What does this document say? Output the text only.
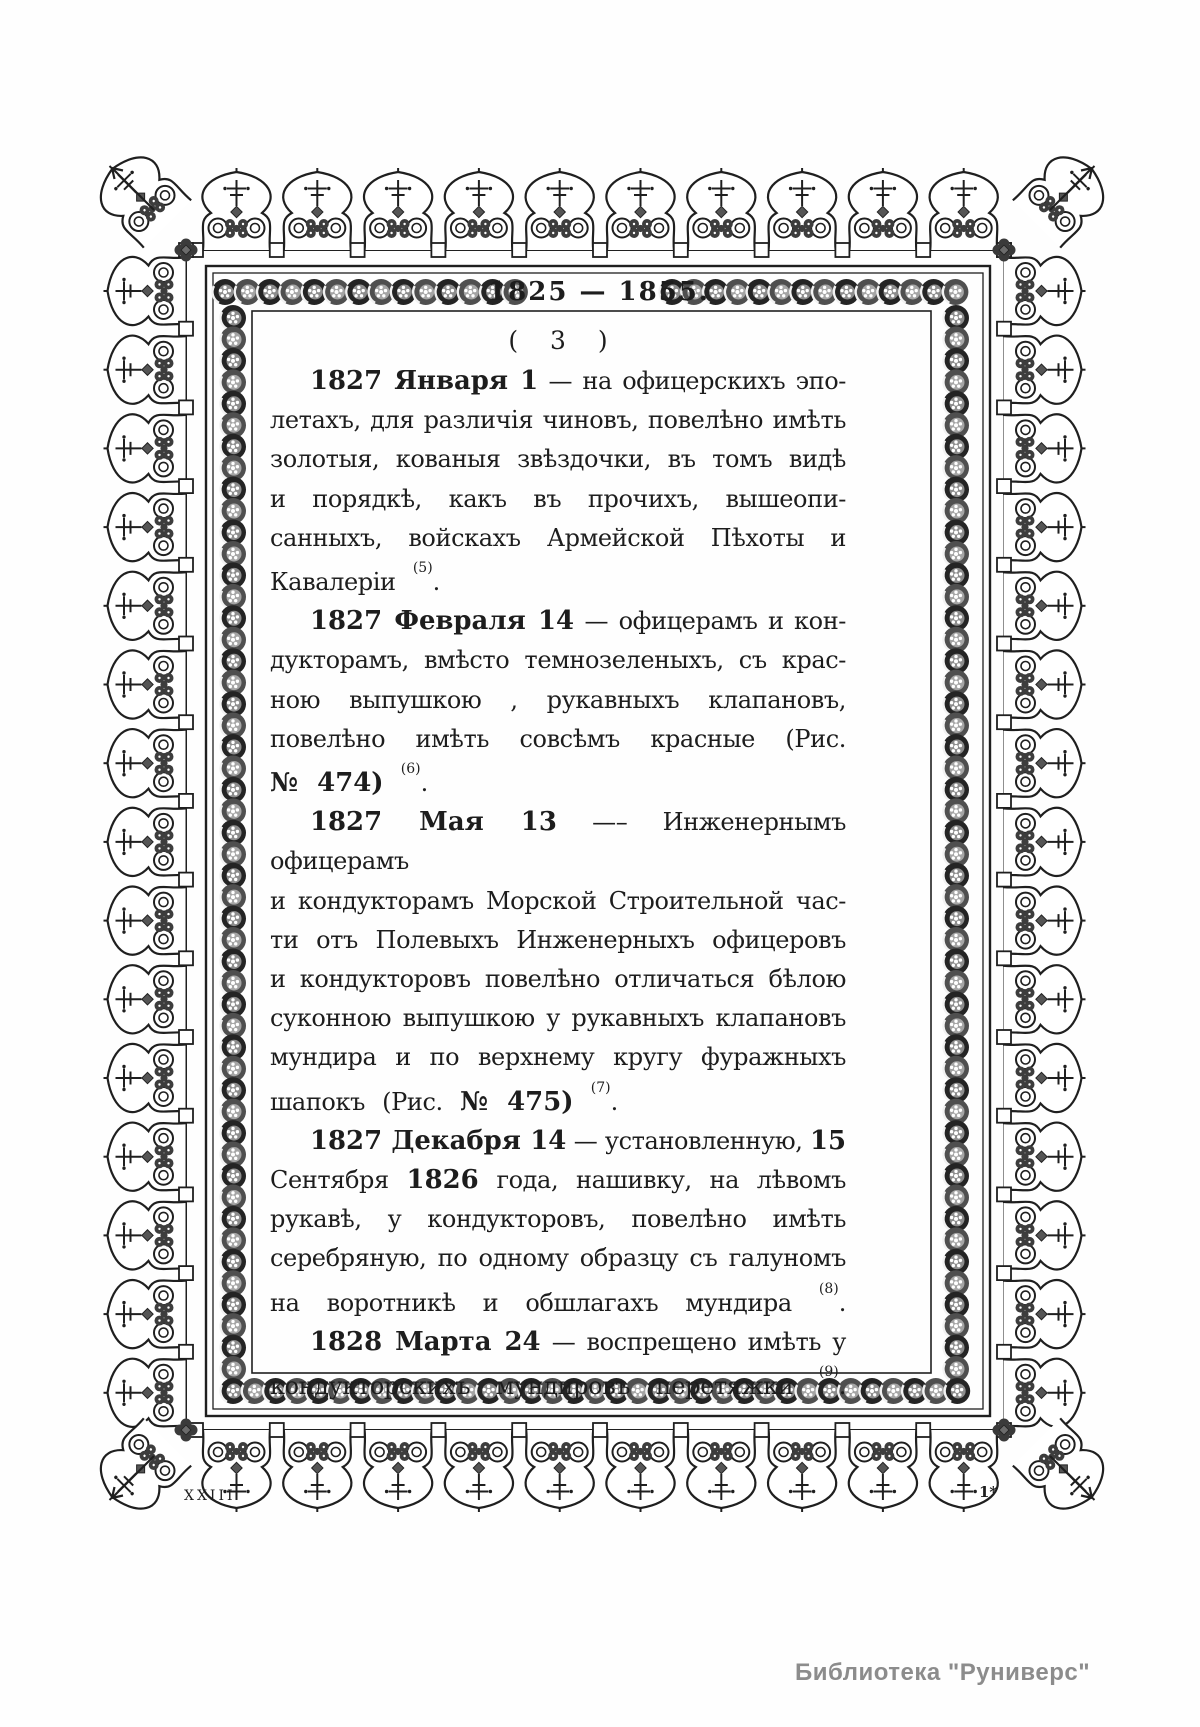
1825 — 1855.
( 3 )
1827 Января 1 — на офицерскихъ эпо-
летахъ, для различія чиновъ, повелѣно имѣть
золотыя, кованыя звѣздочки, въ томъ видѣ
и порядкѣ, какъ въ прочихъ, вышеопи-
санныхъ, войскахъ Армейской Пѣхоты и
Кавалеріи $^{(5)}$.
1827 Февраля 14 — офицерамъ и кон-
дукторамъ, вмѣсто темнозеленыхъ, съ крас-
ною выпушкою , рукавныхъ клапановъ,
повелѣно имѣть совсѣмъ красные (Рис.
№ 474) $^{(6)}$.
1827 Мая 13 —– Инженернымъ офицерамъ
и кондукторамъ Морской Строительной час-
ти отъ Полевыхъ Инженерныхъ офицеровъ
и кондукторовъ повелѣно отличаться бѣлою
суконною выпушкою у рукавныхъ клапановъ
мундира и по верхнему кругу фуражныхъ
шапокъ (Рис. № 475) $^{(7)}$.
1827 Декабря 14 — установленную, 15
Сентября 1826 года, нашивку, на лѣвомъ
рукавѣ, у кондукторовъ, повелѣно имѣть
серебряную, по одному образцу съ галуномъ
на воротникѣ и обшлагахъ мундира $^{(8)}$.
1828 Марта 24 — воспрещено имѣть у
кондукторскихъ мундировъ перетяжки $^{(9)}$.
XXIII	1*
Библиотека "Руниверс"
